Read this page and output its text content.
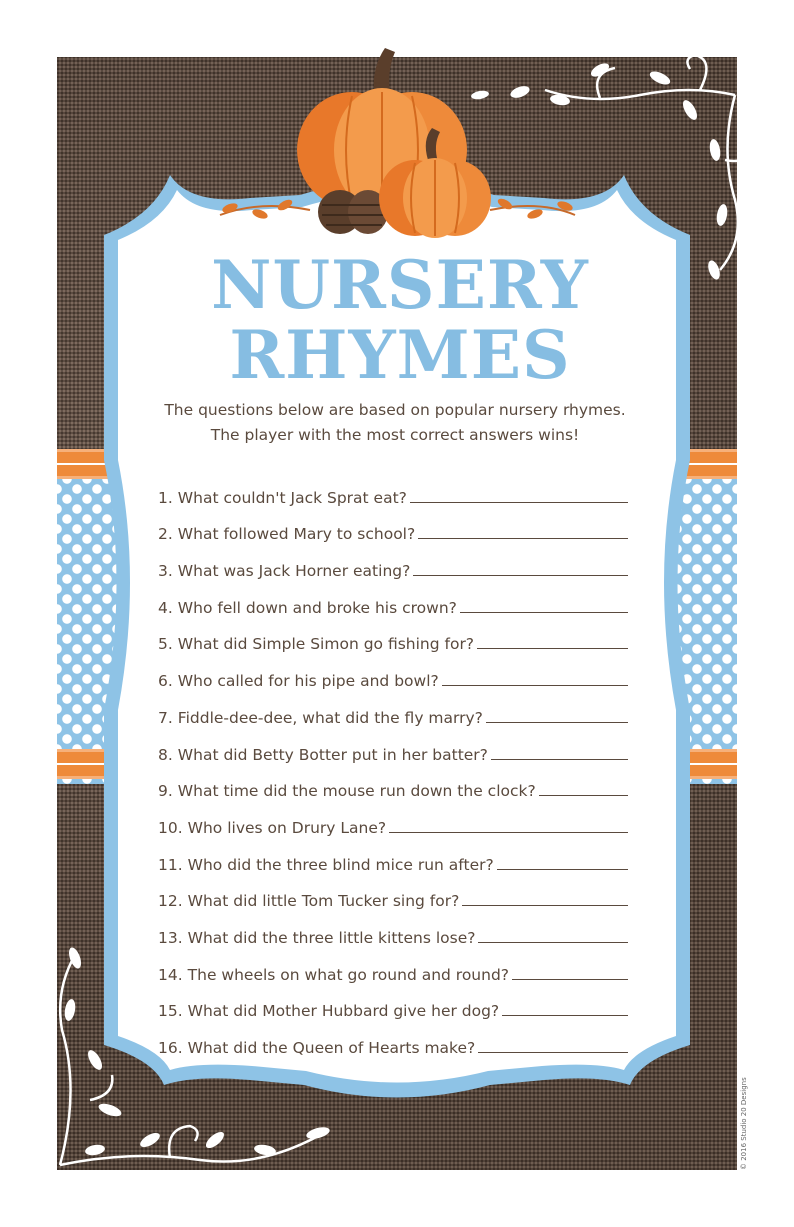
NURSERY
RHYMES

The questions below are based on popular nursery rhymes. The player with the most correct answers wins!

1. What couldn't Jack Sprat eat?
2. What followed Mary to school?
3. What was Jack Horner eating?
4. Who fell down and broke his crown?
5. What did Simple Simon go fishing for?
6. Who called for his pipe and bowl?
7. Fiddle-dee-dee, what did the fly marry?
8. What did Betty Botter put in her batter?
9. What time did the mouse run down the clock?
10. Who lives on Drury Lane?
11. Who did the three blind mice run after?
12. What did little Tom Tucker sing for?
13. What did the three little kittens lose?
14. The wheels on what go round and round?
15. What did Mother Hubbard give her dog?
16. What did the Queen of Hearts make?
© 2016 Studio 20 Designs
